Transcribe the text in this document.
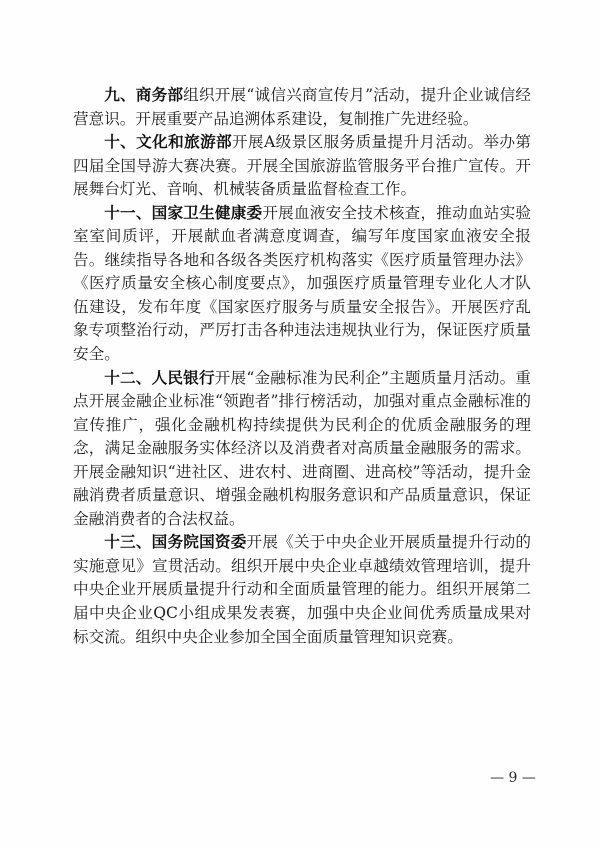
九、商务部组织开展“诚信兴商宣传月”活动，提升企业诚信经营意识。开展重要产品追溯体系建设，复制推广先进经验。

十、文化和旅游部开展A级景区服务质量提升月活动。举办第四届全国导游大赛决赛。开展全国旅游监管服务平台推广宣传。开展舞台灯光、音响、机械装备质量监督检查工作。

十一、国家卫生健康委开展血液安全技术核查，推动血站实验室室间质评，开展献血者满意度调查，编写年度国家血液安全报告。继续指导各地和各级各类医疗机构落实《医疗质量管理办法》《医疗质量安全核心制度要点》，加强医疗质量管理专业化人才队伍建设，发布年度《国家医疗服务与质量安全报告》。开展医疗乱象专项整治行动，严厉打击各种违法违规执业行为，保证医疗质量安全。

十二、人民银行开展“金融标准为民利企”主题质量月活动。重点开展金融企业标准“领跑者”排行榜活动，加强对重点金融标准的宣传推广，强化金融机构持续提供为民利企的优质金融服务的理念，满足金融服务实体经济以及消费者对高质量金融服务的需求。开展金融知识“进社区、进农村、进商圈、进高校”等活动，提升金融消费者质量意识、增强金融机构服务意识和产品质量意识，保证金融消费者的合法权益。

十三、国务院国资委开展《关于中央企业开展质量提升行动的实施意见》宣贯活动。组织开展中央企业卓越绩效管理培训，提升中央企业开展质量提升行动和全面质量管理的能力。组织开展第二届中央企业QC小组成果发表赛，加强中央企业间优秀质量成果对标交流。组织中央企业参加全国全面质量管理知识竞赛。

— 9 —
